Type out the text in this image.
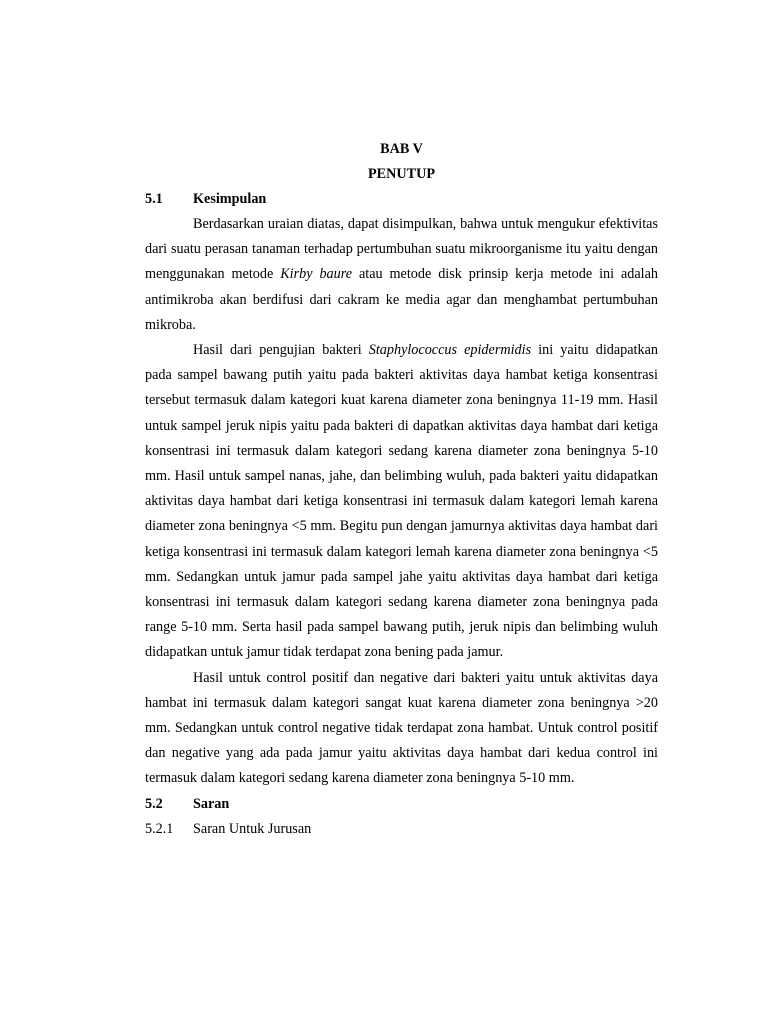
BAB V
PENUTUP
5.1	Kesimpulan

Berdasarkan uraian diatas, dapat disimpulkan, bahwa untuk mengukur efektivitas dari suatu perasan tanaman terhadap pertumbuhan suatu mikroorganisme itu yaitu dengan menggunakan metode Kirby baure atau metode disk prinsip kerja metode ini adalah antimikroba akan berdifusi dari cakram ke media agar dan menghambat pertumbuhan mikroba.

Hasil dari pengujian bakteri Staphylococcus epidermidis ini yaitu didapatkan pada sampel bawang putih yaitu pada bakteri aktivitas daya hambat ketiga konsentrasi tersebut termasuk dalam kategori kuat karena diameter zona beningnya 11-19 mm. Hasil untuk sampel jeruk nipis yaitu pada bakteri di dapatkan aktivitas daya hambat dari ketiga konsentrasi ini termasuk dalam kategori sedang karena diameter zona beningnya 5-10 mm. Hasil untuk sampel nanas, jahe, dan belimbing wuluh, pada bakteri yaitu didapatkan aktivitas daya hambat dari ketiga konsentrasi ini termasuk dalam kategori lemah karena diameter zona beningnya <5 mm. Begitu pun dengan jamurnya aktivitas daya hambat dari ketiga konsentrasi ini termasuk dalam kategori lemah karena diameter zona beningnya <5 mm. Sedangkan untuk jamur pada sampel jahe yaitu aktivitas daya hambat dari ketiga konsentrasi ini termasuk dalam kategori sedang karena diameter zona beningnya pada range 5-10 mm. Serta hasil pada sampel bawang putih, jeruk nipis dan belimbing wuluh didapatkan untuk jamur tidak terdapat zona bening pada jamur.

Hasil untuk control positif dan negative dari bakteri yaitu untuk aktivitas daya hambat ini termasuk dalam kategori sangat kuat karena diameter zona beningnya >20 mm. Sedangkan untuk control negative tidak terdapat zona hambat. Untuk control positif dan negative yang ada pada jamur yaitu aktivitas daya hambat dari kedua control ini termasuk dalam kategori sedang karena diameter zona beningnya 5-10 mm.

5.2	Saran
5.2.1	Saran Untuk Jurusan
